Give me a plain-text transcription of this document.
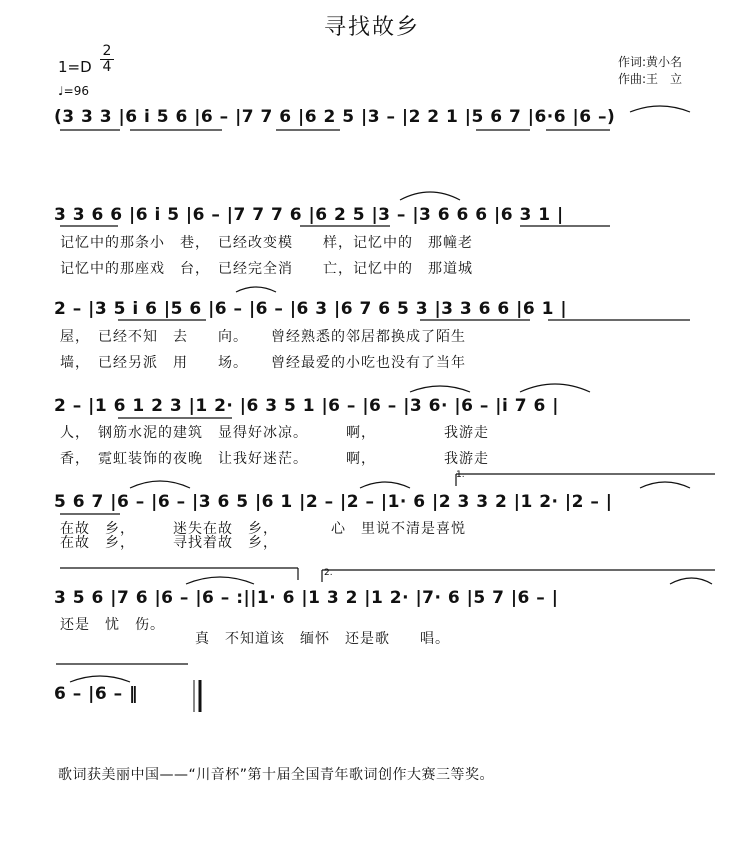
寻找故乡
1=D
2
4
♩=96
作词:黄小名
作曲:王　立
(3 3 3 |6 i 5 6 |6 – |7 7 6 |6 2 5 |3 – |2 2 1 |5 6 7 |6·6 |6 –)
3 3 6 6 |6 i 5 |6 – |7 7 7 6 |6 2 5 |3 – |3 6 6 6 |6 3 1 |
记忆中的那条小　巷，　已经改变模　　样，记忆中的　那幢老
记忆中的那座戏　台，　已经完全消　　亡，记忆中的　那道城
2 – |3 5 i 6 |5 6 |6 – |6 – |6 3 |6 7 6 5 3 |3 3 6 6 |6 1 |
屋，　已经不知　去　　向。　　曾经熟悉的邻居都换成了陌生
墙，　已经另派　用　　场。　　曾经最爱的小吃也没有了当年
2 – |1 6 1 2 3 |1 2· |6 3 5 1 |6 – |6 – |3 6· |6 – |i 7 6 |
人，　钢筋水泥的建筑　显得好冰凉。　　　啊，　　　　　我游走
香，　霓虹装饰的夜晚　让我好迷茫。　　　啊，　　　　　我游走
1.
5 6 7 |6 – |6 – |3 6 5 |6 1 |2 – |2 – |1· 6 |2 3 3 2 |1 2· |2 – |
在故　乡，　　　迷失在故　乡，　　　　心　里说不清是喜悦
在故　乡，　　　寻找着故　乡，
2.
3 5 6 |7 6 |6 – |6 – :||1· 6 |1 3 2 |1 2· |7· 6 |5 7 |6 – |
还是　忧　伤。
　　　　　　　　　真　不知道该　缅怀　还是歌　　唱。
6 – |6 – ‖
歌词获美丽中国——“川音杯”第十届全国青年歌词创作大赛三等奖。
